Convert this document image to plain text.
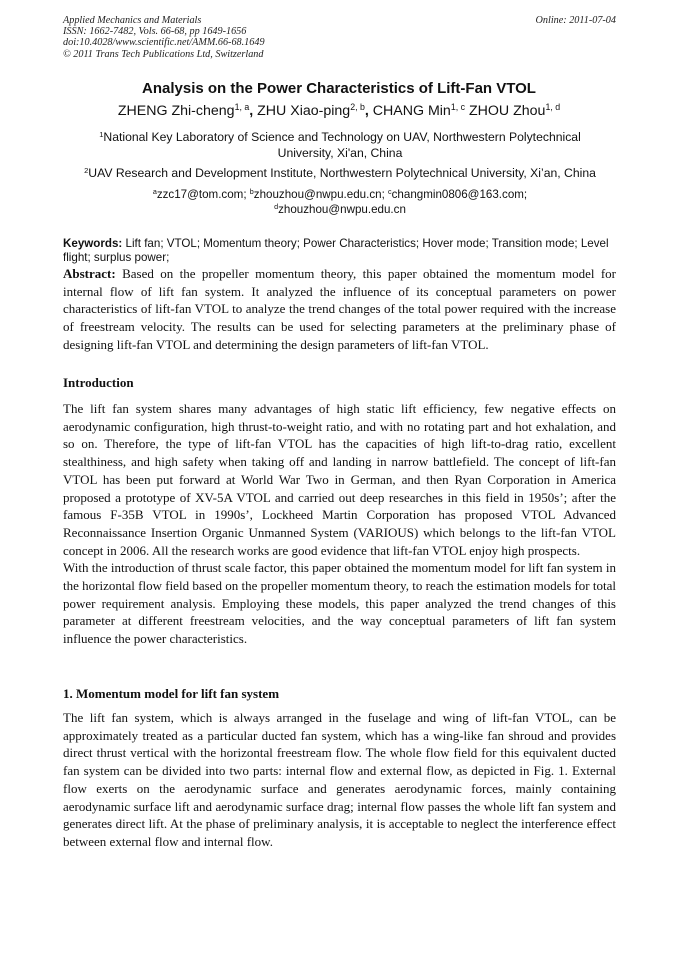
Applied Mechanics and Materials
ISSN: 1662-7482, Vols. 66-68, pp 1649-1656
doi:10.4028/www.scientific.net/AMM.66-68.1649
© 2011 Trans Tech Publications Ltd, Switzerland
Online: 2011-07-04
Analysis on the Power Characteristics of Lift-Fan VTOL
ZHENG Zhi-cheng$^{1, a}$, ZHU Xiao-ping$^{2, b}$, CHANG Min$^{1, c}$ ZHOU Zhou$^{1, d}$
$^1$National Key Laboratory of Science and Technology on UAV, Northwestern Polytechnical University, Xi'an, China
$^2$UAV Research and Development Institute, Northwestern Polytechnical University, Xi’an, China
$^a$zzc17@tom.com; $^b$zhouzhou@nwpu.edu.cn; $^c$changmin0806@163.com;
$^d$zhouzhou@nwpu.edu.cn
Keywords: Lift fan; VTOL; Momentum theory; Power Characteristics; Hover mode; Transition mode; Level flight; surplus power;

Abstract: Based on the propeller momentum theory, this paper obtained the momentum model for internal flow of lift fan system. It analyzed the influence of its conceptual parameters on power characteristics of lift-fan VTOL to analyze the trend changes of the total power required with the increase of freestream velocity. The results can be used for selecting parameters at the preliminary phase of designing lift-fan VTOL and determining the design parameters of lift-fan VTOL.

Introduction

The lift fan system shares many advantages of high static lift efficiency, few negative effects on aerodynamic configuration, high thrust-to-weight ratio, and with no rotating part and hot exhalation, and so on. Therefore, the type of lift-fan VTOL has the capacities of high lift-to-drag ratio, excellent stealthiness, and high safety when taking off and landing in narrow battlefield. The concept of lift-fan VTOL has been put forward at World War Two in German, and then Ryan Corporation in America proposed a prototype of XV-5A VTOL and carried out deep researches in this field in 1950s’; after the famous F-35B VTOL in 1990s’, Lockheed Martin Corporation has proposed VTOL Advanced Reconnaissance Insertion Organic Unmanned System (VARIOUS) which belongs to the lift-fan VTOL concept in 2006. All the research works are good evidence that lift-fan VTOL enjoy high prospects.

With the introduction of thrust scale factor, this paper obtained the momentum model for lift fan system in the horizontal flow field based on the propeller momentum theory, to reach the estimation models for total power requirement analysis. Employing these models, this paper analyzed the trend changes of this parameter at different freestream velocities, and the way conceptual parameters of lift fan system influence the power characteristics.

1. Momentum model for lift fan system

The lift fan system, which is always arranged in the fuselage and wing of lift-fan VTOL, can be approximately treated as a particular ducted fan system, which has a wing-like fan shroud and provides direct thrust vertical with the horizontal freestream flow. The whole flow field for this equivalent ducted fan system can be divided into two parts: internal flow and external flow, as depicted in Fig. 1. External flow exerts on the aerodynamic surface and generates aerodynamic forces, mainly containing aerodynamic surface lift and aerodynamic surface drag; internal flow passes the whole lift fan system and generates direct lift. At the phase of preliminary analysis, it is acceptable to neglect the interference effect between external flow and internal flow.
